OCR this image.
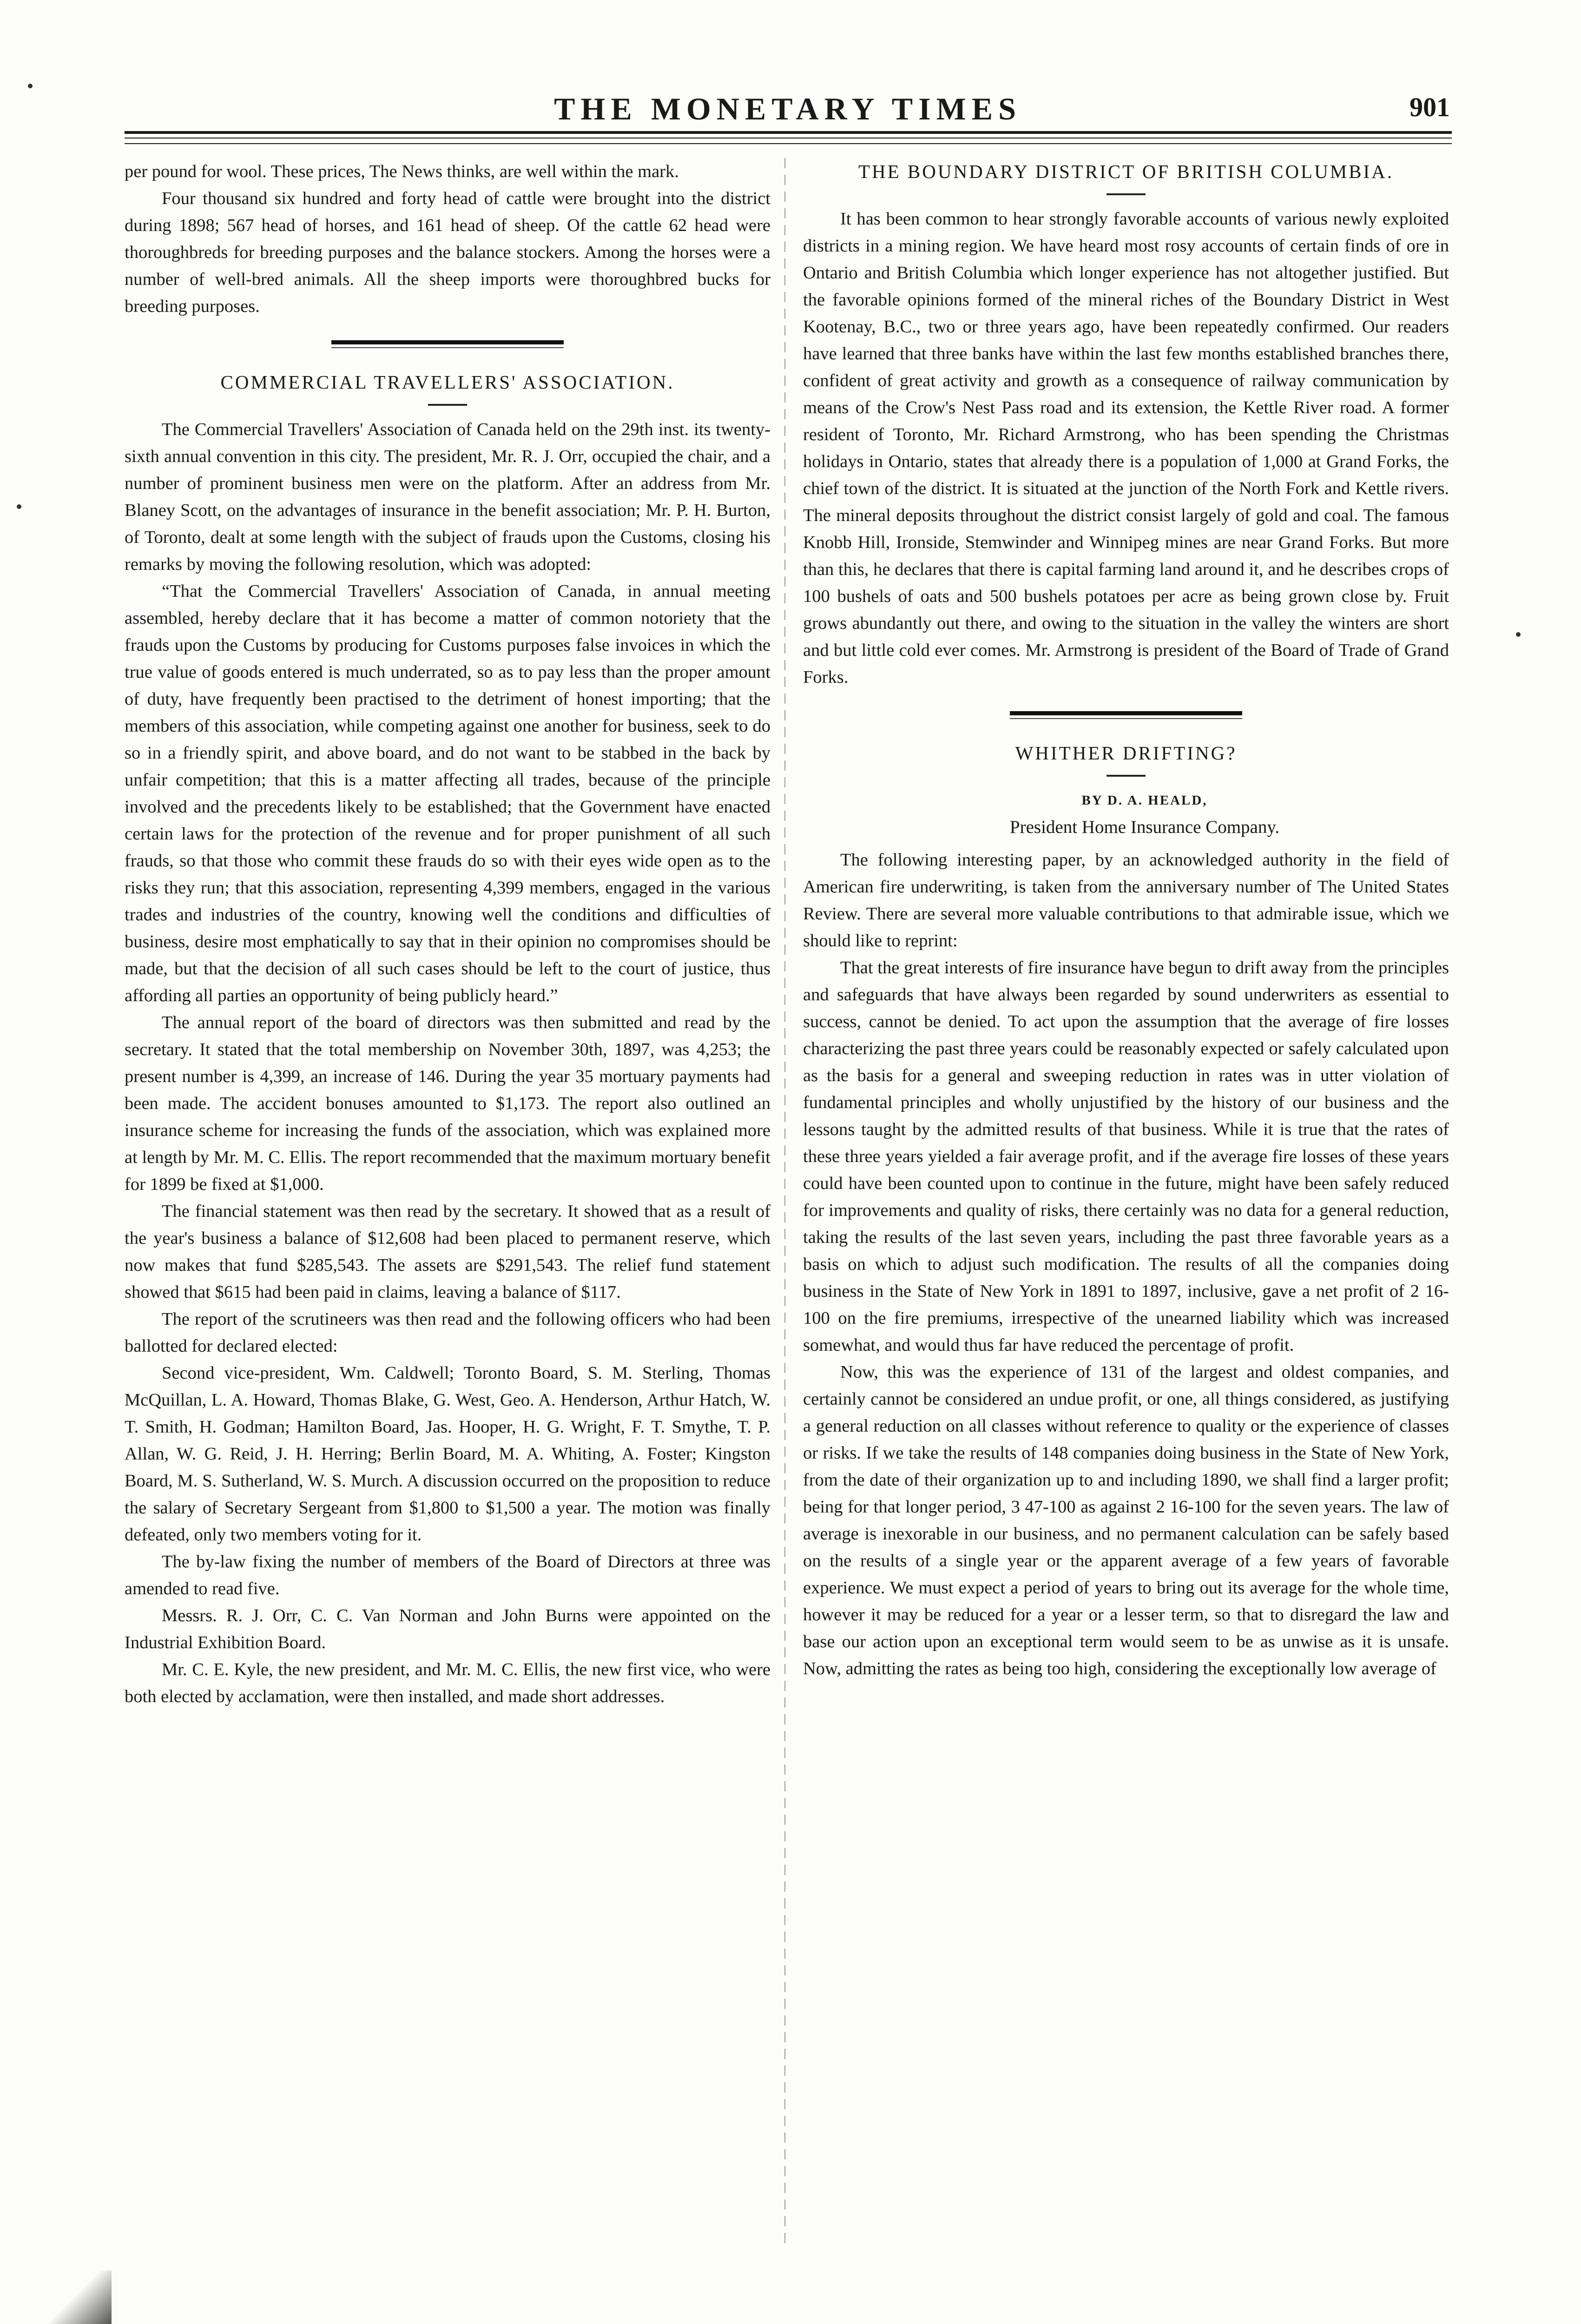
THE MONETARY TIMES	901

per pound for wool. These prices, The News thinks, are well within the mark.

Four thousand six hundred and forty head of cattle were brought into the district during 1898; 567 head of horses, and 161 head of sheep. Of the cattle 62 head were thoroughbreds for breeding purposes and the balance stockers. Among the horses were a number of well-bred animals. All the sheep imports were thoroughbred bucks for breeding purposes.

COMMERCIAL TRAVELLERS' ASSOCIATION.

The Commercial Travellers' Association of Canada held on the 29th inst. its twenty-sixth annual convention in this city. The president, Mr. R. J. Orr, occupied the chair, and a number of prominent business men were on the platform. After an address from Mr. Blaney Scott, on the advantages of insurance in the benefit association; Mr. P. H. Burton, of Toronto, dealt at some length with the subject of frauds upon the Customs, closing his remarks by moving the following resolution, which was adopted:

“That the Commercial Travellers' Association of Canada, in annual meeting assembled, hereby declare that it has become a matter of common notoriety that the frauds upon the Customs by producing for Customs purposes false invoices in which the true value of goods entered is much underrated, so as to pay less than the proper amount of duty, have frequently been practised to the detriment of honest importing; that the members of this association, while competing against one another for business, seek to do so in a friendly spirit, and above board, and do not want to be stabbed in the back by unfair competition; that this is a matter affecting all trades, because of the principle involved and the precedents likely to be established; that the Government have enacted certain laws for the protection of the revenue and for proper punishment of all such frauds, so that those who commit these frauds do so with their eyes wide open as to the risks they run; that this association, representing 4,399 members, engaged in the various trades and industries of the country, knowing well the conditions and difficulties of business, desire most emphatically to say that in their opinion no compromises should be made, but that the decision of all such cases should be left to the court of justice, thus affording all parties an opportunity of being publicly heard.”

The annual report of the board of directors was then submitted and read by the secretary. It stated that the total membership on November 30th, 1897, was 4,253; the present number is 4,399, an increase of 146. During the year 35 mortuary payments had been made. The accident bonuses amounted to $1,173. The report also outlined an insurance scheme for increasing the funds of the association, which was explained more at length by Mr. M. C. Ellis. The report recommended that the maximum mortuary benefit for 1899 be fixed at $1,000.

The financial statement was then read by the secretary. It showed that as a result of the year's business a balance of $12,608 had been placed to permanent reserve, which now makes that fund $285,543. The assets are $291,543. The relief fund statement showed that $615 had been paid in claims, leaving a balance of $117.

The report of the scrutineers was then read and the following officers who had been ballotted for declared elected:

Second vice-president, Wm. Caldwell; Toronto Board, S. M. Sterling, Thomas McQuillan, L. A. Howard, Thomas Blake, G. West, Geo. A. Henderson, Arthur Hatch, W. T. Smith, H. Godman; Hamilton Board, Jas. Hooper, H. G. Wright, F. T. Smythe, T. P. Allan, W. G. Reid, J. H. Herring; Berlin Board, M. A. Whiting, A. Foster; Kingston Board, M. S. Sutherland, W. S. Murch. A discussion occurred on the proposition to reduce the salary of Secretary Sergeant from $1,800 to $1,500 a year. The motion was finally defeated, only two members voting for it.

The by-law fixing the number of members of the Board of Directors at three was amended to read five.

Messrs. R. J. Orr, C. C. Van Norman and John Burns were appointed on the Industrial Exhibition Board.

Mr. C. E. Kyle, the new president, and Mr. M. C. Ellis, the new first vice, who were both elected by acclamation, were then installed, and made short addresses.

THE BOUNDARY DISTRICT OF BRITISH COLUMBIA.

It has been common to hear strongly favorable accounts of various newly exploited districts in a mining region. We have heard most rosy accounts of certain finds of ore in Ontario and British Columbia which longer experience has not altogether justified. But the favorable opinions formed of the mineral riches of the Boundary District in West Kootenay, B.C., two or three years ago, have been repeatedly confirmed. Our readers have learned that three banks have within the last few months established branches there, confident of great activity and growth as a consequence of railway communication by means of the Crow's Nest Pass road and its extension, the Kettle River road. A former resident of Toronto, Mr. Richard Armstrong, who has been spending the Christmas holidays in Ontario, states that already there is a population of 1,000 at Grand Forks, the chief town of the district. It is situated at the junction of the North Fork and Kettle rivers. The mineral deposits throughout the district consist largely of gold and coal. The famous Knobb Hill, Ironside, Stemwinder and Winnipeg mines are near Grand Forks. But more than this, he declares that there is capital farming land around it, and he describes crops of 100 bushels of oats and 500 bushels potatoes per acre as being grown close by. Fruit grows abundantly out there, and owing to the situation in the valley the winters are short and but little cold ever comes. Mr. Armstrong is president of the Board of Trade of Grand Forks.

WHITHER DRIFTING?

BY D. A. HEALD,

President Home Insurance Company.

The following interesting paper, by an acknowledged authority in the field of American fire underwriting, is taken from the anniversary number of The United States Review. There are several more valuable contributions to that admirable issue, which we should like to reprint:

That the great interests of fire insurance have begun to drift away from the principles and safeguards that have always been regarded by sound underwriters as essential to success, cannot be denied. To act upon the assumption that the average of fire losses characterizing the past three years could be reasonably expected or safely calculated upon as the basis for a general and sweeping reduction in rates was in utter violation of fundamental principles and wholly unjustified by the history of our business and the lessons taught by the admitted results of that business. While it is true that the rates of these three years yielded a fair average profit, and if the average fire losses of these years could have been counted upon to continue in the future, might have been safely reduced for improvements and quality of risks, there certainly was no data for a general reduction, taking the results of the last seven years, including the past three favorable years as a basis on which to adjust such modification. The results of all the companies doing business in the State of New York in 1891 to 1897, inclusive, gave a net profit of 2 16-100 on the fire premiums, irrespective of the unearned liability which was increased somewhat, and would thus far have reduced the percentage of profit.

Now, this was the experience of 131 of the largest and oldest companies, and certainly cannot be considered an undue profit, or one, all things considered, as justifying a general reduction on all classes without reference to quality or the experience of classes or risks. If we take the results of 148 companies doing business in the State of New York, from the date of their organization up to and including 1890, we shall find a larger profit; being for that longer period, 3 47-100 as against 2 16-100 for the seven years. The law of average is inexorable in our business, and no permanent calculation can be safely based on the results of a single year or the apparent average of a few years of favorable experience. We must expect a period of years to bring out its average for the whole time, however it may be reduced for a year or a lesser term, so that to disregard the law and base our action upon an exceptional term would seem to be as unwise as it is unsafe. Now, admitting the rates as being too high, considering the exceptionally low average of
